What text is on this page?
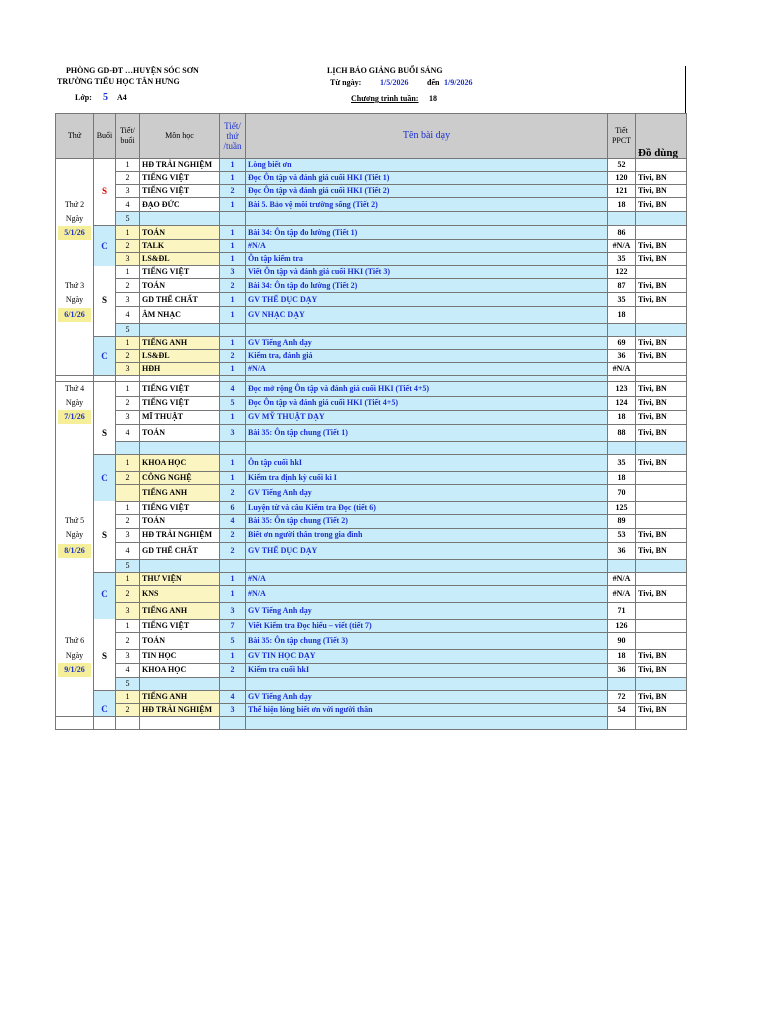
PHÒNG GD-ĐT …HUYỆN SÓC SƠN
TRƯỜNG TIỂU HỌC TÂN HƯNG
Lớp: 5 A4
LỊCH BÁO GIẢNG BUỔI SÁNG
Từ ngày: 1/5/2026 đến 1/9/2026
Chương trình tuần: 18
Thứ	Buổi	Tiết/ buổi	Môn học	Tiết/ thứ /tuần	Tên bài dạy	Tiết PPCT	Đồ dùng
		1	HĐ TRẢI NGHIỆM	1	Lòng biết ơn	52	
		2	TIẾNG VIỆT	1	Đọc Ôn tập và đánh giá cuối HKI (Tiết 1)	120	Tivi, BN
	S	3	TIẾNG VIỆT	2	Đọc Ôn tập và đánh giá cuối HKI (Tiết 2)	121	Tivi, BN
Thứ 2		4	ĐẠO ĐỨC	1	Bài 5. Bảo vệ môi trường sống (Tiết 2)	18	Tivi, BN
Ngày		5					

5/1/26		1	TOÁN	1	Bài 34: Ôn tập đo lường (Tiết 1)	86	
	C	2	TALK	1	#N/A	#N/A	Tivi, BN
		3	LS&ĐL	1	Ôn tập kiểm tra	35	Tivi, BN
		1	TIẾNG VIỆT	3	Viết Ôn tập và đánh giá cuối HKI (Tiết 3)	122	
Thứ 3		2	TOÁN	2	Bài 34: Ôn tập đo lường (Tiết 2)	87	Tivi, BN
Ngày	S	3	GD THỂ CHẤT	1	GV THỂ DỤC DẠY	35	Tivi, BN

6/1/26		4	ÂM NHẠC	1	GV NHẠC DẠY	18	
		5					
		1	TIẾNG ANH	1	GV Tiếng Anh dạy	69	Tivi, BN
	C	2	LS&ĐL	2	Kiểm tra, đánh giá	36	Tivi, BN
		3	HĐH	1	#N/A	#N/A	

Thứ 4		1	TIẾNG VIỆT	4	Đọc mở rộng Ôn tập và đánh giá cuối HKI (Tiết 4+5)	123	Tivi, BN
Ngày		2	TIẾNG VIỆT	5	Đọc Ôn tập và đánh giá cuối HKI (Tiết 4+5)	124	Tivi, BN

7/1/26		3	MĨ THUẬT	1	GV MỸ THUẬT DẠY	18	Tivi, BN
	S	4	TOÁN	3	Bài 35: Ôn tập chung (Tiết 1)	88	Tivi, BN

		1	KHOA HỌC	1	Ôn tập cuối hkI	35	Tivi, BN
	C	2	CÔNG NGHỆ	1	Kiểm tra định kỳ cuối kì I	18	
			TIẾNG ANH	2	GV Tiếng Anh dạy	70	
		1	TIẾNG VIỆT	6	Luyện từ và câu Kiểm tra Đọc (tiết 6)	125	
Thứ 5		2	TOÁN	4	Bài 35: Ôn tập chung (Tiết 2)	89	
Ngày	S	3	HĐ TRẢI NGHIỆM	2	Biết ơn người thân trong gia đình	53	Tivi, BN

8/1/26		4	GD THỂ CHẤT	2	GV THỂ DỤC DẠY	36	Tivi, BN
		5					
		1	THƯ VIỆN	1	#N/A	#N/A	
	C	2	KNS	1	#N/A	#N/A	Tivi, BN
		3	TIẾNG ANH	3	GV Tiếng Anh dạy	71	
		1	TIẾNG VIỆT	7	Viết Kiểm tra Đọc hiểu – viết (tiết 7)	126	
Thứ 6		2	TOÁN	5	Bài 35: Ôn tập chung (Tiết 3)	90	
Ngày	S	3	TIN HỌC	1	GV TIN HỌC DẠY	18	Tivi, BN

9/1/26		4	KHOA HỌC	2	Kiểm tra cuối hkI	36	Tivi, BN
		5					
		1	TIẾNG ANH	4	GV Tiếng Anh dạy	72	Tivi, BN
	C	2	HĐ TRẢI NGHIỆM	3	Thể hiện lòng biết ơn với người thân	54	Tivi, BN
